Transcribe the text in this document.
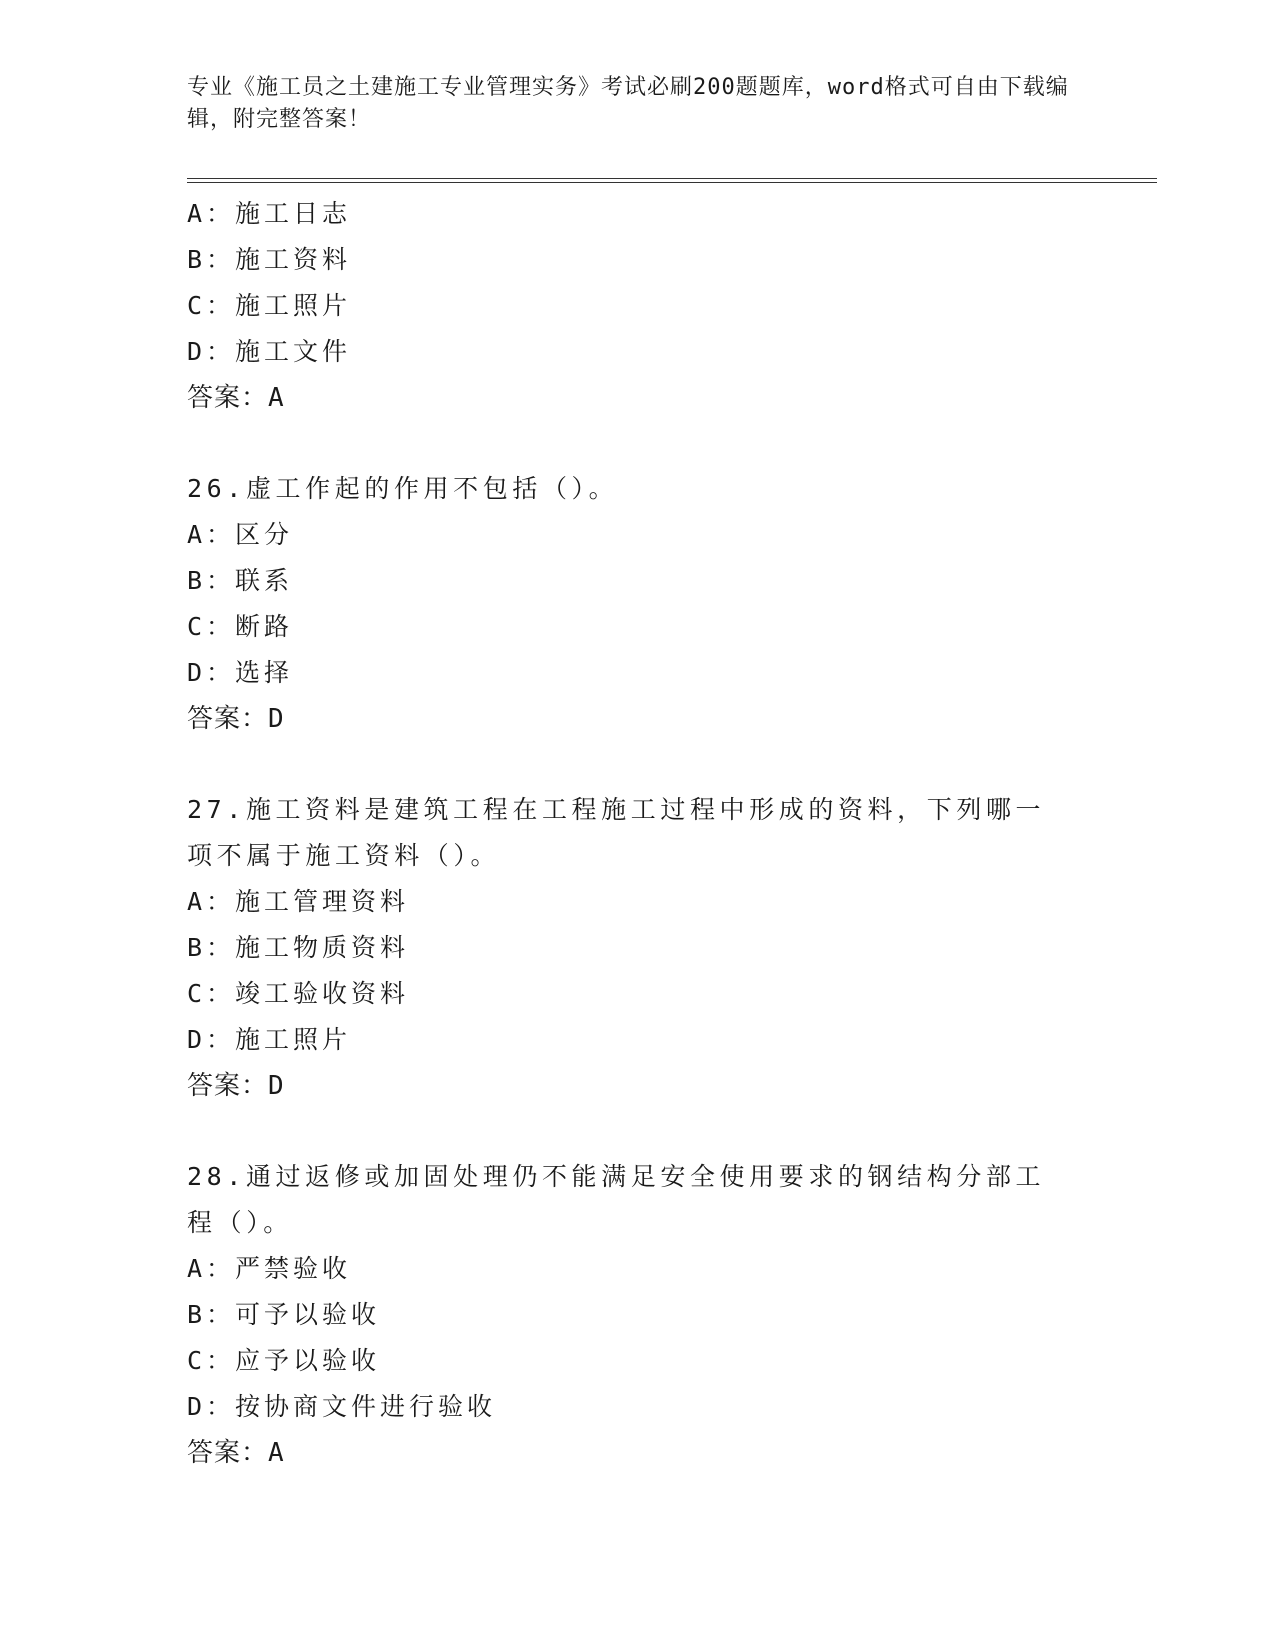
专业《施工员之土建施工专业管理实务》考试必刷200题题库，word格式可自由下载编辑，附完整答案！
A：施工日志
B：施工资料
C：施工照片
D：施工文件
答案：A
26.虚工作起的作用不包括（）。
A：区分
B：联系
C：断路
D：选择
答案：D
27.施工资料是建筑工程在工程施工过程中形成的资料，下列哪一项不属于施工资料（）。
A：施工管理资料
B：施工物质资料
C：竣工验收资料
D：施工照片
答案：D
28.通过返修或加固处理仍不能满足安全使用要求的钢结构分部工程（）。
A：严禁验收
B：可予以验收
C：应予以验收
D：按协商文件进行验收
答案：A
